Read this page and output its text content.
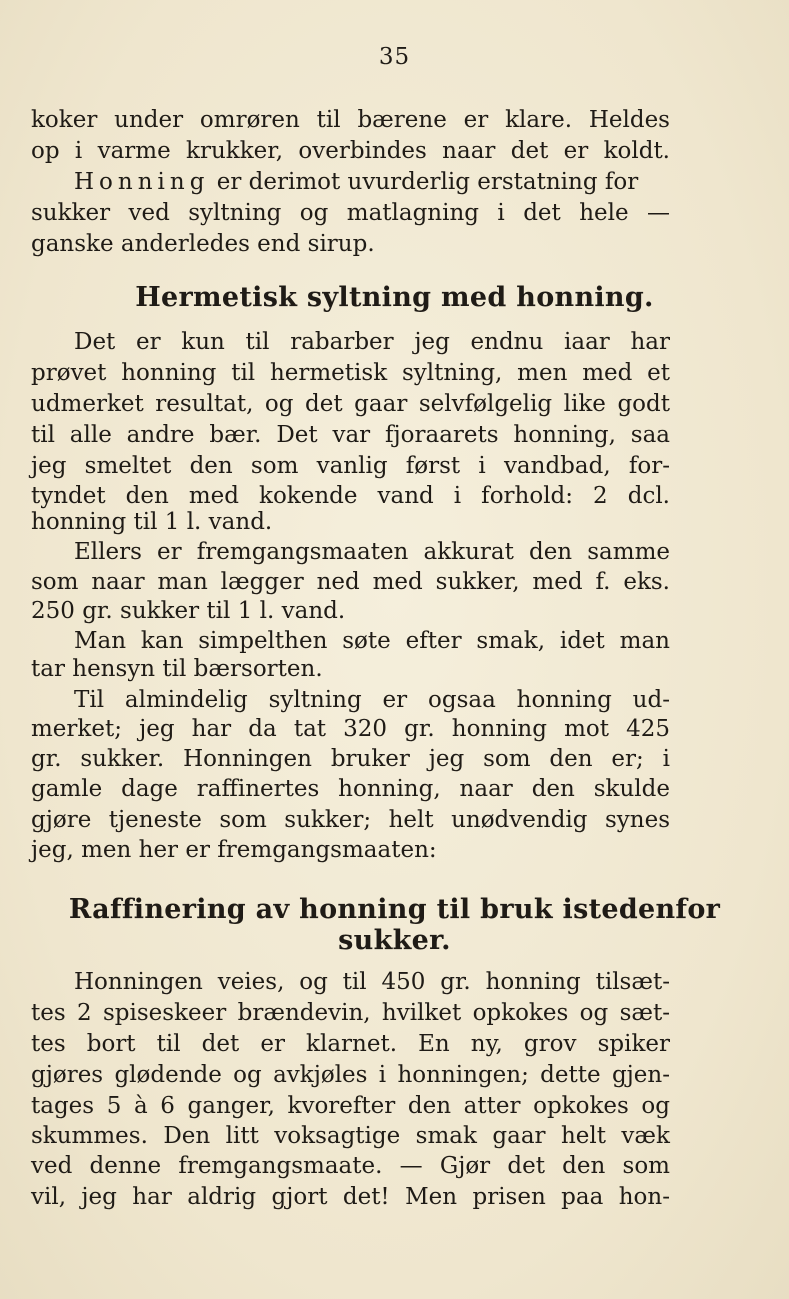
35
koker under omrøren til bærene er klare. Heldes
op i varme krukker, overbindes naar det er koldt.
Honning er derimot uvurderlig erstatning for
sukker ved syltning og matlagning i det hele —
ganske anderledes end sirup.
Hermetisk syltning med honning.
Det er kun til rabarber jeg endnu iaar har
prøvet honning til hermetisk syltning, men med et
udmerket resultat, og det gaar selvfølgelig like godt
til alle andre bær. Det var fjoraarets honning, saa
jeg smeltet den som vanlig først i vandbad, for-
tyndet den med kokende vand i forhold: 2 dcl.
honning til 1 l. vand.
Ellers er fremgangsmaaten akkurat den samme
som naar man lægger ned med sukker, med f. eks.
250 gr. sukker til 1 l. vand.
Man kan simpelthen søte efter smak, idet man
tar hensyn til bærsorten.
Til almindelig syltning er ogsaa honning ud-
merket; jeg har da tat 320 gr. honning mot 425
gr. sukker. Honningen bruker jeg som den er; i
gamle dage raffinertes honning, naar den skulde
gjøre tjeneste som sukker; helt unødvendig synes
jeg, men her er fremgangsmaaten:
Raffinering av honning til bruk istedenfor
sukker.
Honningen veies, og til 450 gr. honning tilsæt-
tes 2 spiseskeer brændevin, hvilket opkokes og sæt-
tes bort til det er klarnet. En ny, grov spiker
gjøres glødende og avkjøles i honningen; dette gjen-
tages 5 à 6 ganger, kvorefter den atter opkokes og
skummes. Den litt voksagtige smak gaar helt væk
ved denne fremgangsmaate. — Gjør det den som
vil, jeg har aldrig gjort det! Men prisen paa hon-
